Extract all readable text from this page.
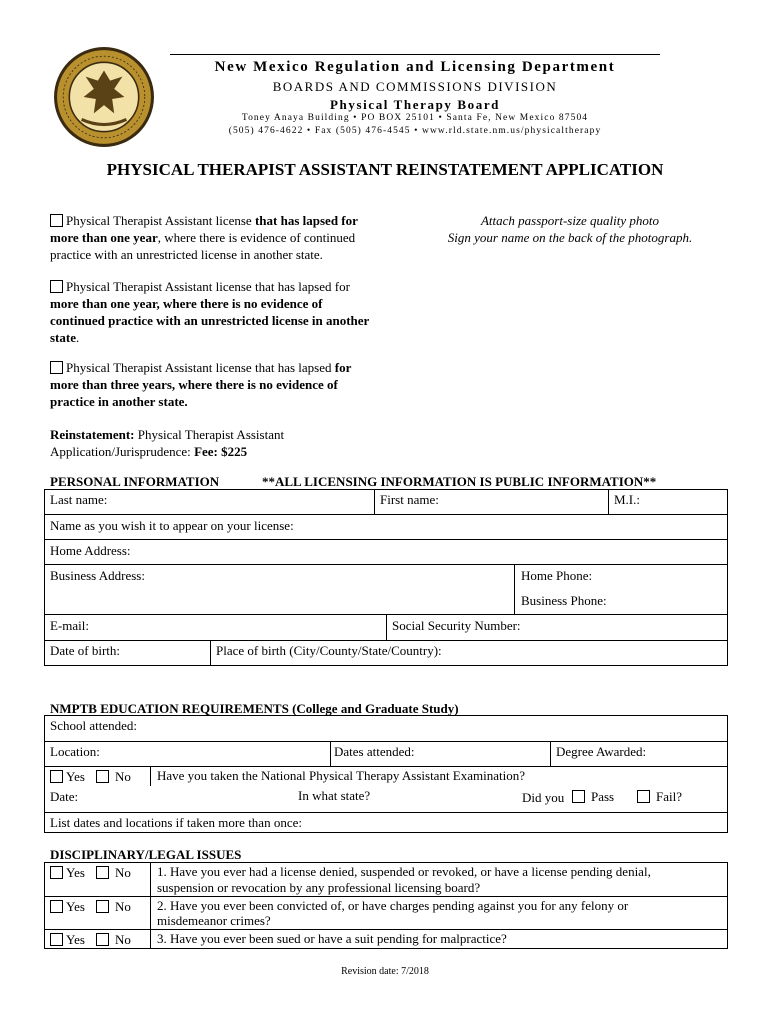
New Mexico Regulation and Licensing Department
BOARDS AND COMMISSIONS DIVISION
Physical Therapy Board
Toney Anaya Building • PO BOX 25101 • Santa Fe, New Mexico 87504
(505) 476-4622 • Fax (505) 476-4545 • www.rld.state.nm.us/physicaltherapy
PHYSICAL THERAPIST ASSISTANT REINSTATEMENT APPLICATION
Physical Therapist Assistant license that has lapsed for
more than one year, where there is evidence of continued
practice with an unrestricted license in another state.
Physical Therapist Assistant license that has lapsed for
more than one year, where there is no evidence of
continued practice with an unrestricted license in another
state.
Physical Therapist Assistant license that has lapsed for
more than three years, where there is no evidence of
practice in another state.
Attach passport-size quality photo
Sign your name on the back of the photograph.
Reinstatement: Physical Therapist Assistant
Application/Jurisprudence: Fee: $225
PERSONAL INFORMATION	**ALL LICENSING INFORMATION IS PUBLIC INFORMATION**
Last name:	First name:	M.I.:
Name as you wish it to appear on your license:
Home Address:
Business Address:	Home Phone:
Business Phone:
E-mail:	Social Security Number:
Date of birth:	Place of birth (City/County/State/Country):
NMPTB EDUCATION REQUIREMENTS (College and Graduate Study)
School attended:
Location:	Dates attended:	Degree Awarded:
Yes	No Have you taken the National Physical Therapy Assistant Examination?
Date:	In what state?	Did you	Pass	Fail?
List dates and locations if taken more than once:
DISCIPLINARY/LEGAL ISSUES
Yes	No 1. Have you ever had a license denied, suspended or revoked, or have a license pending denial,
suspension or revocation by any professional licensing board?
Yes	No 2. Have you ever been convicted of, or have charges pending against you for any felony or
misdemeanor crimes?
Yes	No 3. Have you ever been sued or have a suit pending for malpractice?
Revision date: 7/2018
